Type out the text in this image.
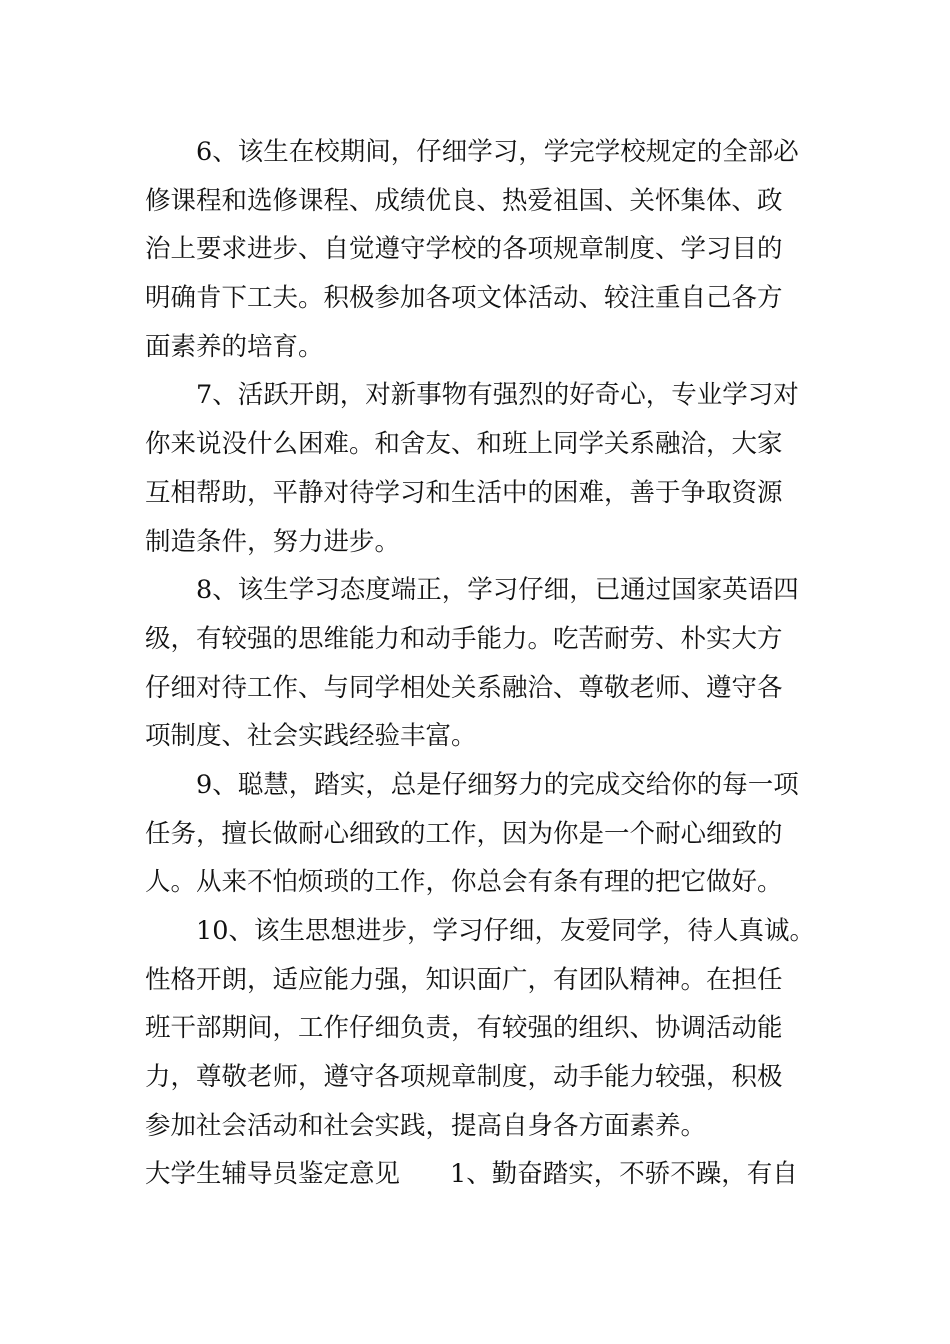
6、该生在校期间，仔细学习，学完学校规定的全部必
修课程和选修课程、成绩优良、热爱祖国、关怀集体、政
治上要求进步、自觉遵守学校的各项规章制度、学习目的
明确肯下工夫。积极参加各项文体活动、较注重自己各方
面素养的培育。
7、活跃开朗，对新事物有强烈的好奇心，专业学习对
你来说没什么困难。和舍友、和班上同学关系融洽，大家
互相帮助，平静对待学习和生活中的困难，善于争取资源
制造条件，努力进步。
8、该生学习态度端正，学习仔细，已通过国家英语四
级，有较强的思维能力和动手能力。吃苦耐劳、朴实大方
仔细对待工作、与同学相处关系融洽、尊敬老师、遵守各
项制度、社会实践经验丰富。
9、聪慧，踏实，总是仔细努力的完成交给你的每一项
任务，擅长做耐心细致的工作，因为你是一个耐心细致的
人。从来不怕烦琐的工作，你总会有条有理的把它做好。
10、该生思想进步，学习仔细，友爱同学，待人真诚。
性格开朗，适应能力强，知识面广，有团队精神。在担任
班干部期间，工作仔细负责，有较强的组织、协调活动能
力，尊敬老师，遵守各项规章制度，动手能力较强，积极
参加社会活动和社会实践，提高自身各方面素养。
大学生辅导员鉴定意见 1、勤奋踏实，不骄不躁，有自
